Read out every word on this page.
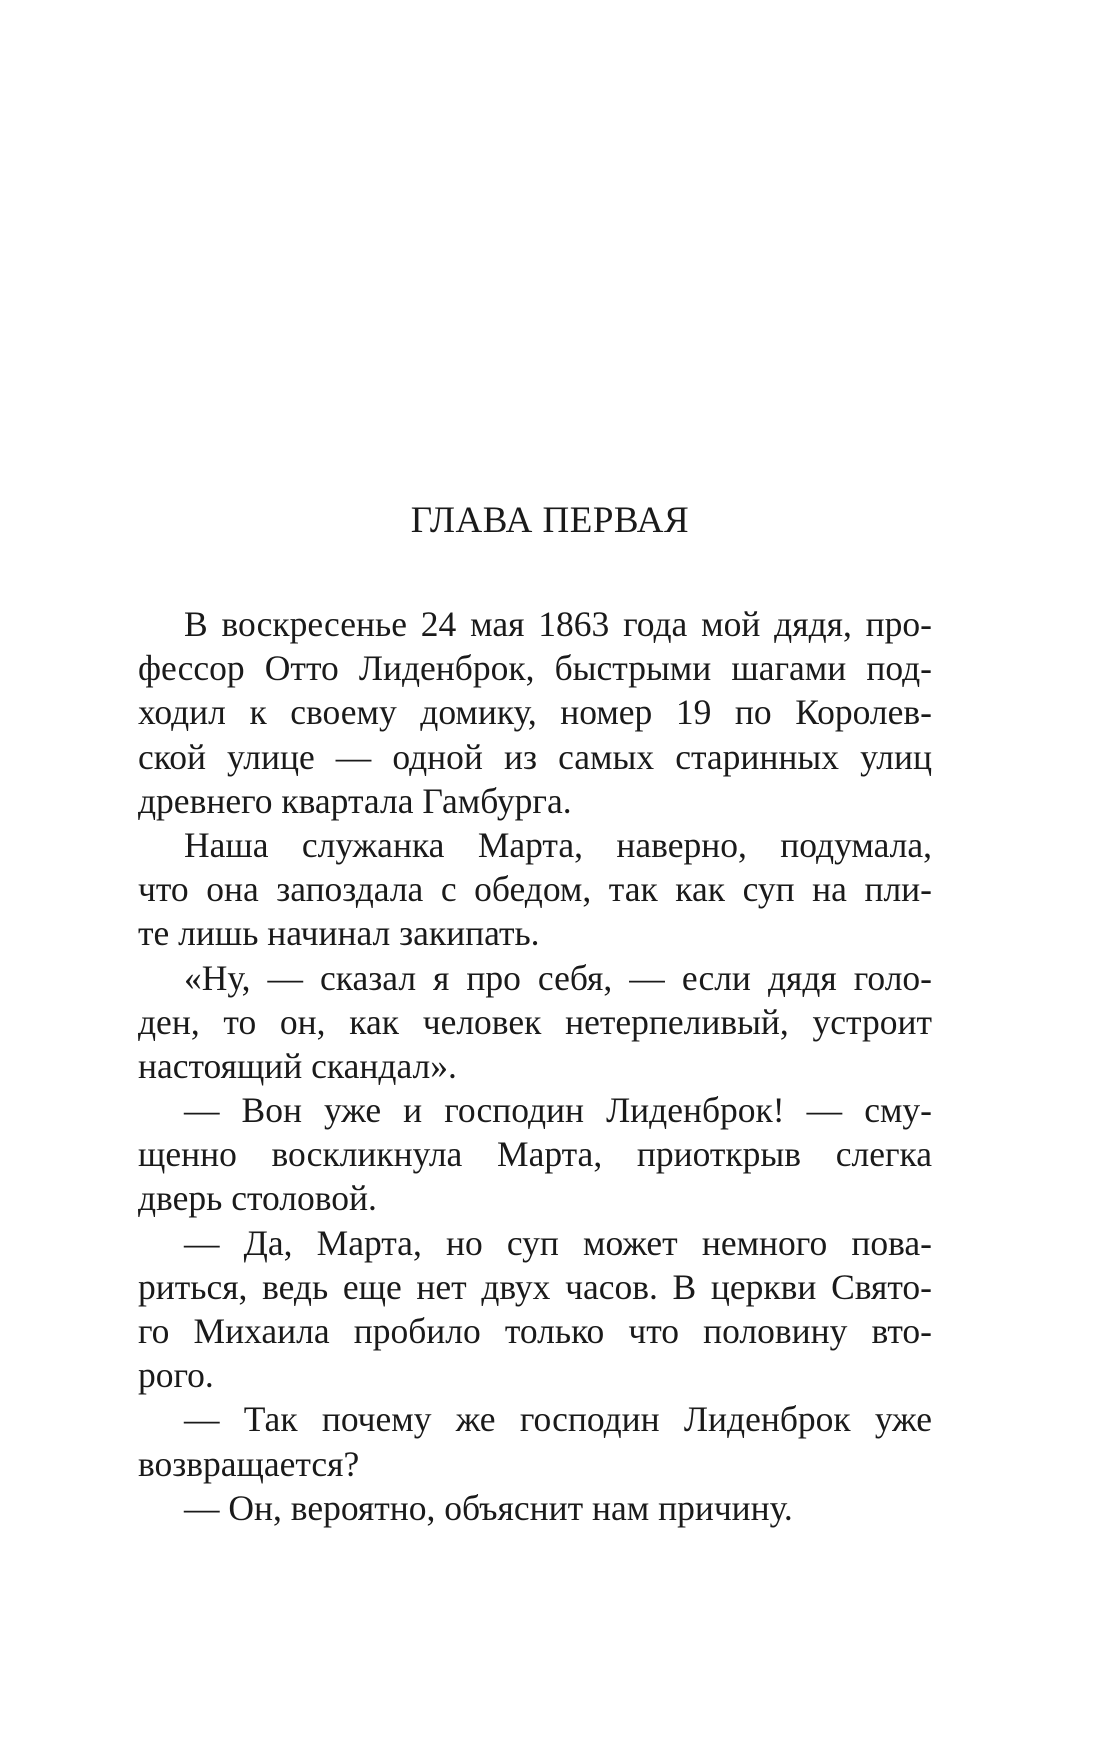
ГЛАВА ПЕРВАЯ
В воскресенье 24 мая 1863 года мой дядя, про-
фессор Отто Лиденброк, быстрыми шагами под-
ходил к своему домику, номер 19 по Королев-
ской улице — одной из самых старинных улиц
древнего квартала Гамбурга.
Наша служанка Марта, наверно, подумала,
что она запоздала с обедом, так как суп на пли-
те лишь начинал закипать.
«Ну, — сказал я про себя, — если дядя голо-
ден, то он, как человек нетерпеливый, устроит
настоящий скандал».
— Вон уже и господин Лиденброк! — сму-
щенно воскликнула Марта, приоткрыв слегка
дверь столовой.
— Да, Марта, но суп может немного пова-
риться, ведь еще нет двух часов. В церкви Свято-
го Михаила пробило только что половину вто-
рого.
— Так почему же господин Лиденброк уже
возвращается?
— Он, вероятно, объяснит нам причину.
